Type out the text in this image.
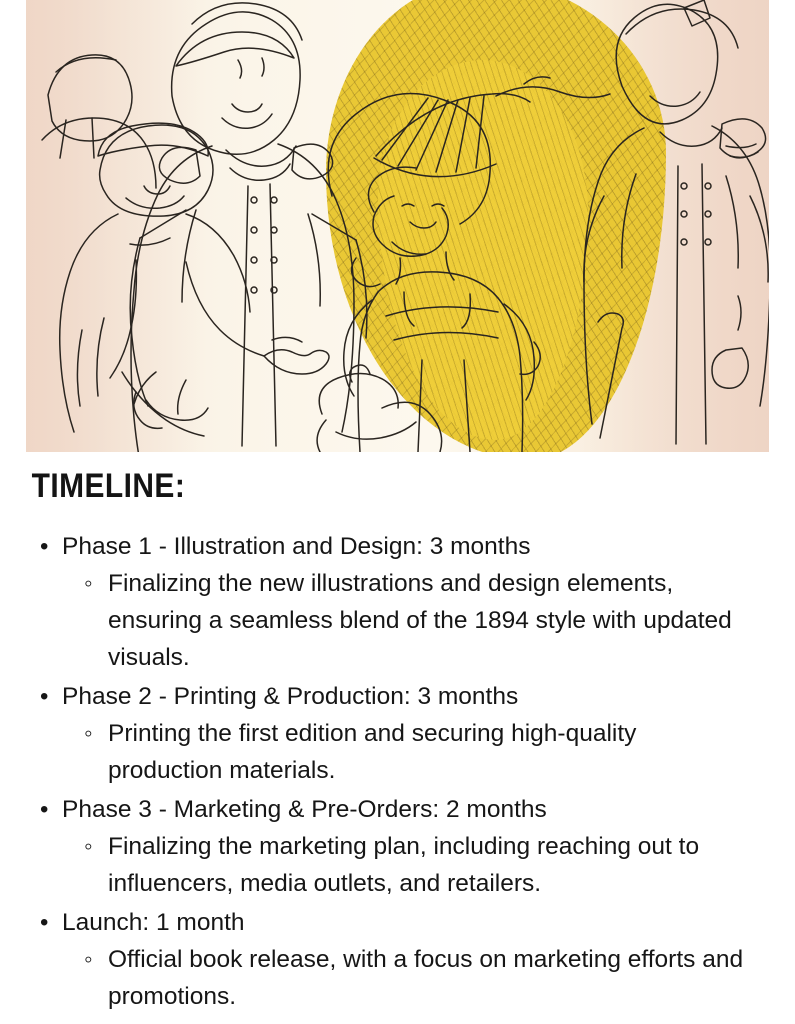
TIMELINE:
• Phase 1 - Illustration and Design: 3 months
◦ Finalizing the new illustrations and design elements, ensuring a seamless blend of the 1894 style with updated visuals.
• Phase 2 - Printing & Production: 3 months
◦ Printing the first edition and securing high-quality production materials.
• Phase 3 - Marketing & Pre-Orders: 2 months
◦ Finalizing the marketing plan, including reaching out to influencers, media outlets, and retailers.
• Launch: 1 month
◦ Official book release, with a focus on marketing efforts and promotions.
